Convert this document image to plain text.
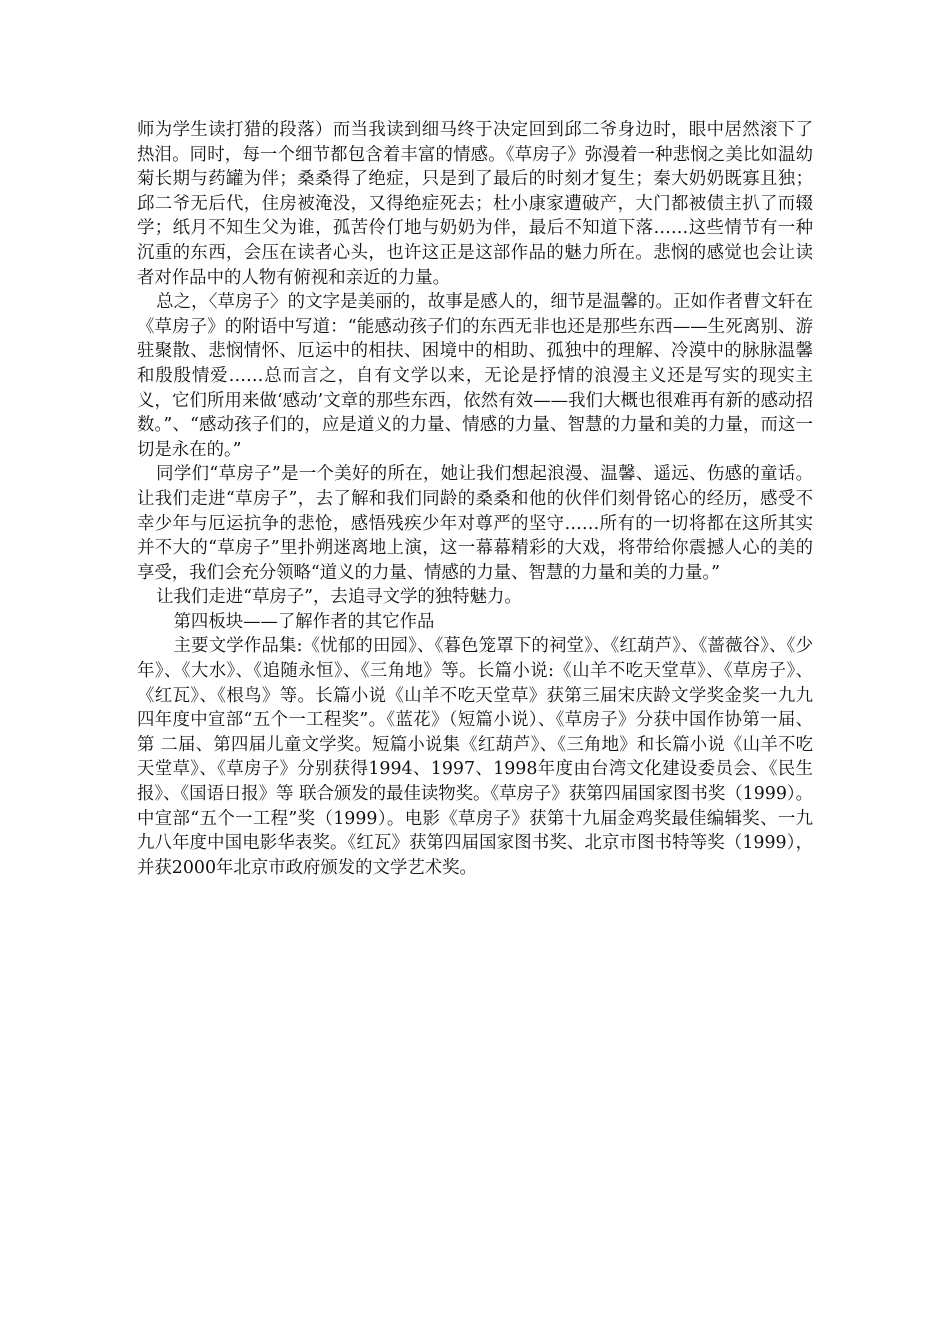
师为学生读打猎的段落）而当我读到细马终于决定回到邱二爷身边时，眼中居然滚下了热泪。同时，每一个细节都包含着丰富的情感。《草房子》弥漫着一种悲悯之美比如温幼菊长期与药罐为伴；桑桑得了绝症，只是到了最后的时刻才复生；秦大奶奶既寡且独；邱二爷无后代，住房被淹没，又得绝症死去；杜小康家遭破产，大门都被债主扒了而辍学；纸月不知生父为谁，孤苦伶仃地与奶奶为伴，最后不知道下落……这些情节有一种沉重的东西，会压在读者心头，也许这正是这部作品的魅力所在。悲悯的感觉也会让读者对作品中的人物有俯视和亲近的力量。

总之，〈草房子〉的文字是美丽的，故事是感人的，细节是温馨的。正如作者曹文轩在《草房子》的附语中写道：“能感动孩子们的东西无非也还是那些东西——生死离别、游驻聚散、悲悯情怀、厄运中的相扶、困境中的相助、孤独中的理解、冷漠中的脉脉温馨和殷殷情爱……总而言之，自有文学以来，无论是抒情的浪漫主义还是写实的现实主义，它们所用来做‘感动’文章的那些东西，依然有效——我们大概也很难再有新的感动招数。”、“感动孩子们的，应是道义的力量、情感的力量、智慧的力量和美的力量，而这一切是永在的。”

同学们“草房子”是一个美好的所在，她让我们想起浪漫、温馨、遥远、伤感的童话。让我们走进“草房子”，去了解和我们同龄的桑桑和他的伙伴们刻骨铭心的经历，感受不幸少年与厄运抗争的悲怆，感悟残疾少年对尊严的坚守……所有的一切将都在这所其实并不大的“草房子”里扑朔迷离地上演，这一幕幕精彩的大戏，将带给你震撼人心的美的享受，我们会充分领略“道义的力量、情感的力量、智慧的力量和美的力量。”

让我们走进“草房子”，去追寻文学的独特魅力。

第四板块——了解作者的其它作品

主要文学作品集:《忧郁的田园》、《暮色笼罩下的祠堂》、《红葫芦》、《蔷薇谷》、《少年》、《大水》、《追随永恒》、《三角地》等。长篇小说:《山羊不吃天堂草》、《草房子》、《红瓦》、《根鸟》等。长篇小说《山羊不吃天堂草》获第三届宋庆龄文学奖金奖一九九四年度中宣部“五个一工程奖”。《蓝花》（短篇小说）、《草房子》分获中国作协第一届、第 二届、第四届儿童文学奖。短篇小说集《红葫芦》、《三角地》和长篇小说《山羊不吃天堂草》、《草房子》分别获得1994、1997、1998年度由台湾文化建设委员会、《民生报》、《国语日报》等 联合颁发的最佳读物奖。《草房子》获第四届国家图书奖（1999）。中宣部“五个一工程”奖（1999）。电影《草房子》获第十九届金鸡奖最佳编辑奖、一九九八年度中国电影华表奖。《红瓦》获第四届国家图书奖、北京市图书特等奖（1999），并获2000年北京市政府颁发的文学艺术奖。
